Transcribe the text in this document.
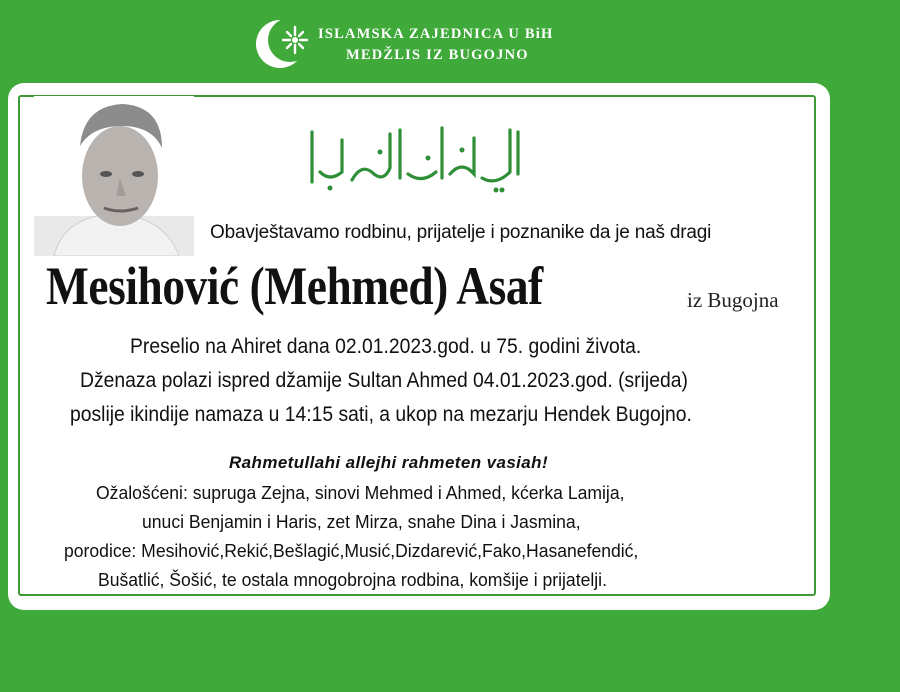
ISLAMSKA ZAJEDNICA U BiH
MEDŽLIS IZ BUGOJNO
Obavještavamo rodbinu, prijatelje i poznanike da je naš dragi
Mesihović (Mehmed) Asaf	iz Bugojna
Preselio na Ahiret dana 02.01.2023.god. u 75. godini života.
Dženaza polazi ispred džamije Sultan Ahmed 04.01.2023.god. (srijeda)
poslije ikindije namaza u 14:15 sati, a ukop na mezarju Hendek Bugojno.
Rahmetullahi allejhi rahmeten vasiah!
Ožalošćeni: supruga Zejna, sinovi Mehmed i Ahmed, kćerka Lamija,
unuci Benjamin i Haris, zet Mirza, snahe Dina i Jasmina,
porodice: Mesihović,Rekić,Bešlagić,Musić,Dizdarević,Fako,Hasanefendić,
Bušatlić, Šošić, te ostala mnogobrojna rodbina, komšije i prijatelji.
